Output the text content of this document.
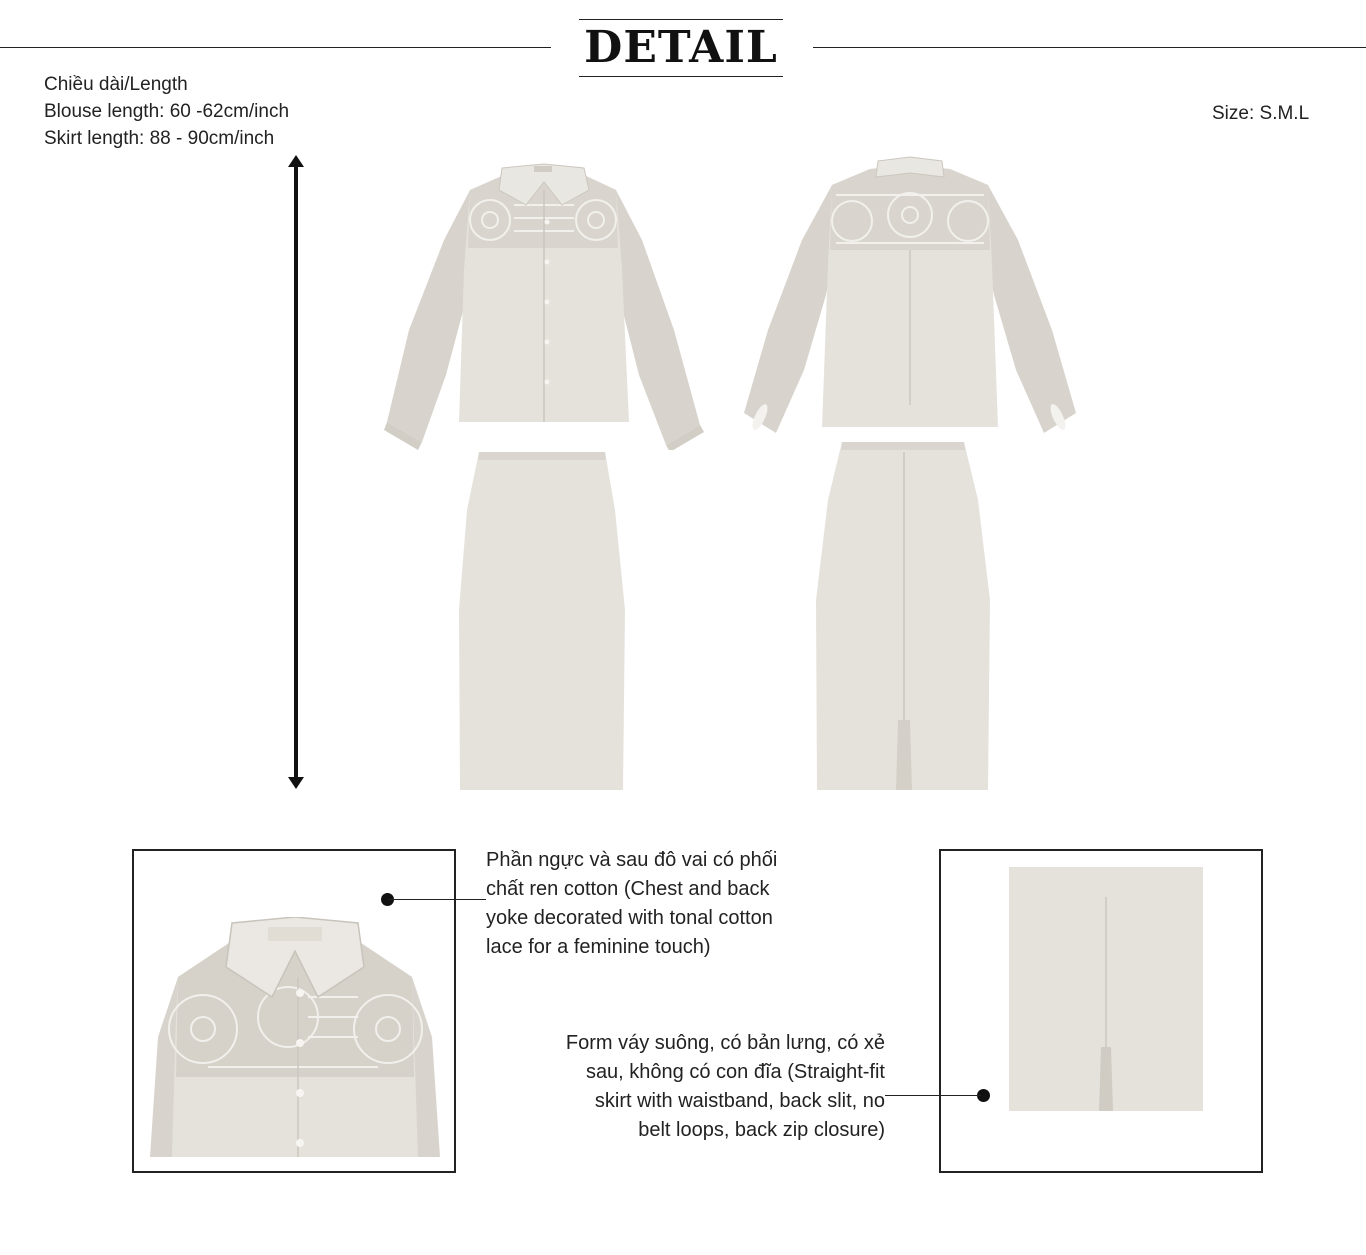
DETAIL
Chiều dài/Length
Blouse length: 60 -62cm/inch
Skirt length: 88 - 90cm/inch
Size: S.M.L
Phần ngực và sau đô vai có phối chất ren cotton (Chest and back yoke decorated with tonal cotton lace for a feminine touch)
Form váy suông, có bản lưng, có xẻ sau, không có con đĩa (Straight-fit skirt with waistband, back slit, no belt loops, back zip closure)
